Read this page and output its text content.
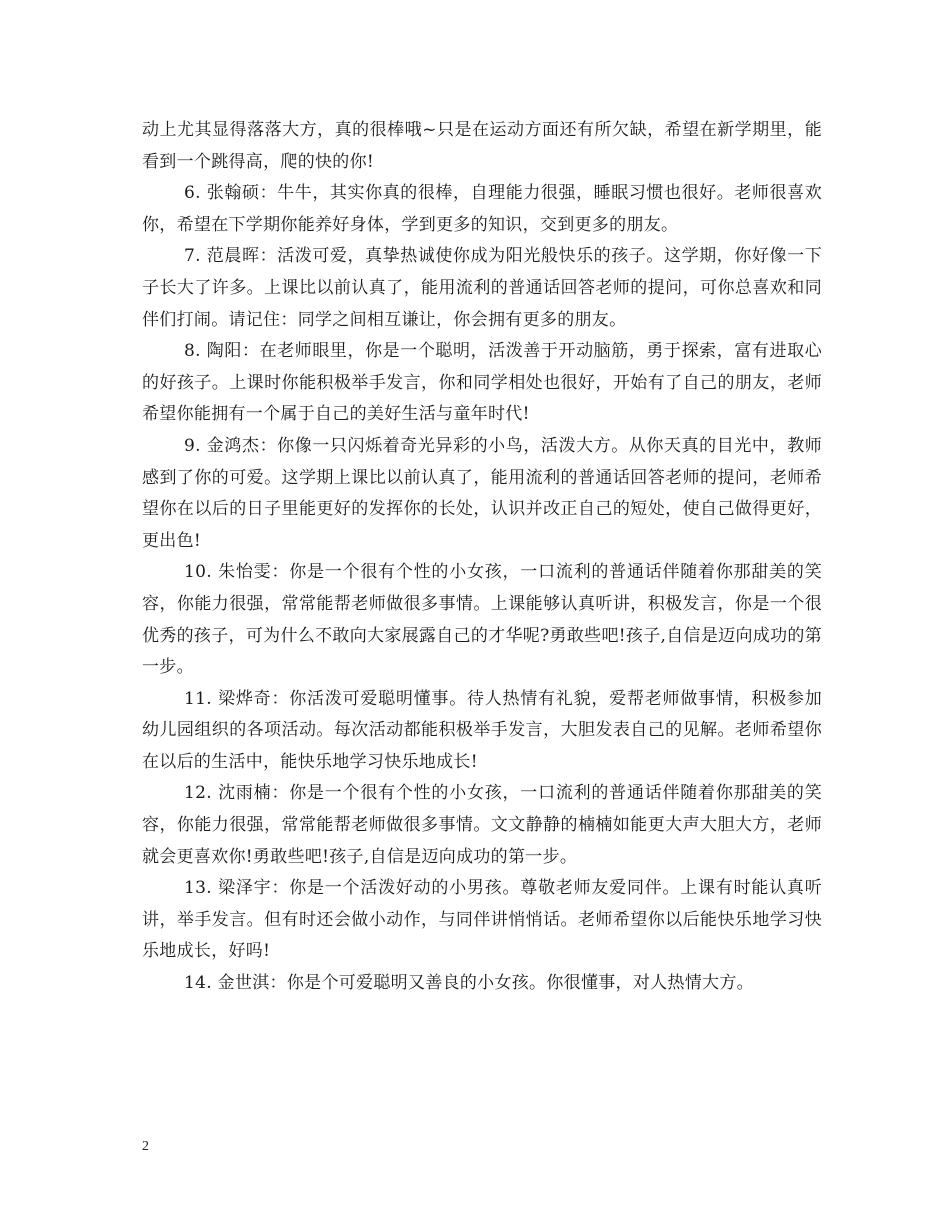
动上尤其显得落落大方，真的很棒哦~只是在运动方面还有所欠缺，希望在新学期里，能看到一个跳得高，爬的快的你!

6. 张翰硕：牛牛，其实你真的很棒，自理能力很强，睡眠习惯也很好。老师很喜欢你，希望在下学期你能养好身体，学到更多的知识，交到更多的朋友。

7. 范晨晖：活泼可爱，真挚热诚使你成为阳光般快乐的孩子。这学期，你好像一下子长大了许多。上课比以前认真了，能用流利的普通话回答老师的提问，可你总喜欢和同伴们打闹。请记住：同学之间相互谦让，你会拥有更多的朋友。

8. 陶阳：在老师眼里，你是一个聪明，活泼善于开动脑筋，勇于探索，富有进取心的好孩子。上课时你能积极举手发言，你和同学相处也很好，开始有了自己的朋友，老师希望你能拥有一个属于自己的美好生活与童年时代!

9. 金鸿杰：你像一只闪烁着奇光异彩的小鸟，活泼大方。从你天真的目光中，教师感到了你的可爱。这学期上课比以前认真了，能用流利的普通话回答老师的提问，老师希望你在以后的日子里能更好的发挥你的长处，认识并改正自己的短处，使自己做得更好，更出色!

10. 朱怡雯：你是一个很有个性的小女孩，一口流利的普通话伴随着你那甜美的笑容，你能力很强，常常能帮老师做很多事情。上课能够认真听讲，积极发言，你是一个很优秀的孩子，可为什么不敢向大家展露自己的才华呢?勇敢些吧!孩子,自信是迈向成功的第一步。

11. 梁烨奇：你活泼可爱聪明懂事。待人热情有礼貌，爱帮老师做事情，积极参加幼儿园组织的各项活动。每次活动都能积极举手发言，大胆发表自己的见解。老师希望你在以后的生活中，能快乐地学习快乐地成长!

12. 沈雨楠：你是一个很有个性的小女孩，一口流利的普通话伴随着你那甜美的笑容，你能力很强，常常能帮老师做很多事情。文文静静的楠楠如能更大声大胆大方，老师就会更喜欢你!勇敢些吧!孩子,自信是迈向成功的第一步。

13. 梁泽宇：你是一个活泼好动的小男孩。尊敬老师友爱同伴。上课有时能认真听讲，举手发言。但有时还会做小动作，与同伴讲悄悄话。老师希望你以后能快乐地学习快乐地成长，好吗!

14. 金世淇：你是个可爱聪明又善良的小女孩。你很懂事，对人热情大方。

2
